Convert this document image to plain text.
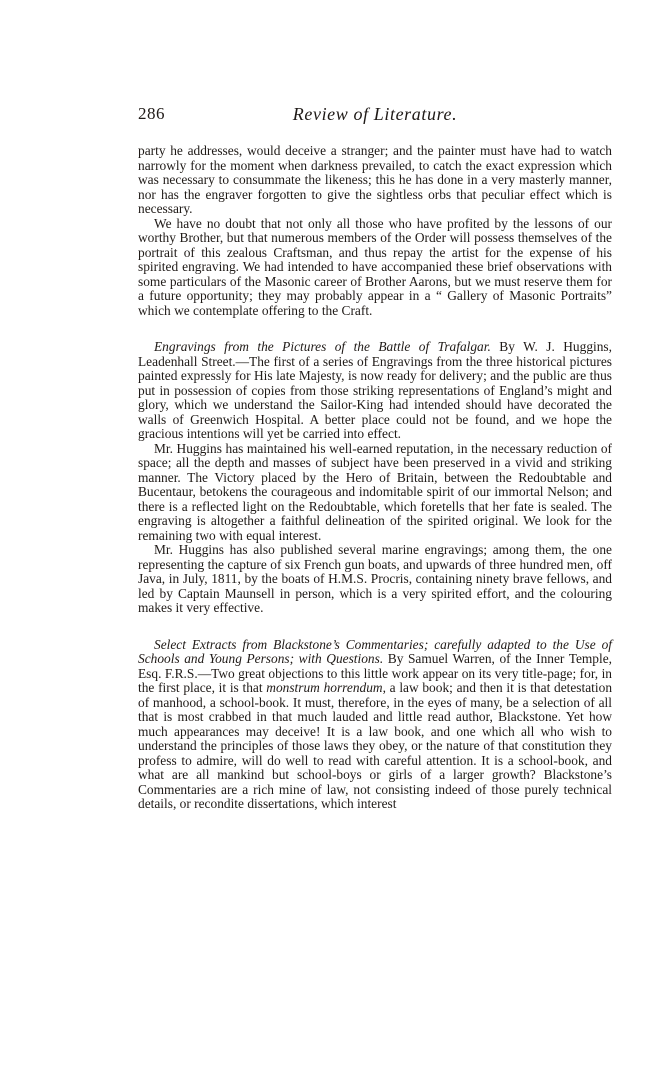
286	Review of Literature.

party he addresses, would deceive a stranger; and the painter must have had to watch narrowly for the moment when darkness prevailed, to catch the exact expression which was necessary to consummate the likeness; this he has done in a very masterly manner, nor has the engraver forgotten to give the sightless orbs that peculiar effect which is necessary.

We have no doubt that not only all those who have profited by the lessons of our worthy Brother, but that numerous members of the Order will possess themselves of the portrait of this zealous Craftsman, and thus repay the artist for the expense of his spirited engraving. We had intended to have accompanied these brief observations with some particulars of the Masonic career of Brother Aarons, but we must reserve them for a future opportunity; they may probably appear in a “ Gallery of Masonic Portraits” which we contemplate offering to the Craft.

Engravings from the Pictures of the Battle of Trafalgar. By W. J. Huggins, Leadenhall Street.—The first of a series of Engravings from the three historical pictures painted expressly for His late Majesty, is now ready for delivery; and the public are thus put in possession of copies from those striking representations of England’s might and glory, which we understand the Sailor-King had intended should have decorated the walls of Greenwich Hospital. A better place could not be found, and we hope the gracious intentions will yet be carried into effect.

Mr. Huggins has maintained his well-earned reputation, in the necessary reduction of space; all the depth and masses of subject have been preserved in a vivid and striking manner. The Victory placed by the Hero of Britain, between the Redoubtable and Bucentaur, betokens the courageous and indomitable spirit of our immortal Nelson; and there is a reflected light on the Redoubtable, which foretells that her fate is sealed. The engraving is altogether a faithful delineation of the spirited original. We look for the remaining two with equal interest.

Mr. Huggins has also published several marine engravings; among them, the one representing the capture of six French gun boats, and upwards of three hundred men, off Java, in July, 1811, by the boats of H.M.S. Procris, containing ninety brave fellows, and led by Captain Maunsell in person, which is a very spirited effort, and the colouring makes it very effective.

Select Extracts from Blackstone’s Commentaries; carefully adapted to the Use of Schools and Young Persons; with Questions. By Samuel Warren, of the Inner Temple, Esq. F.R.S.—Two great objections to this little work appear on its very title-page; for, in the first place, it is that monstrum horrendum, a law book; and then it is that detestation of manhood, a school-book. It must, therefore, in the eyes of many, be a selection of all that is most crabbed in that much lauded and little read author, Blackstone. Yet how much appearances may deceive! It is a law book, and one which all who wish to understand the principles of those laws they obey, or the nature of that constitution they profess to admire, will do well to read with careful attention. It is a school-book, and what are all mankind but school-boys or girls of a larger growth? Blackstone’s Commentaries are a rich mine of law, not consisting indeed of those purely technical details, or recondite dissertations, which interest
